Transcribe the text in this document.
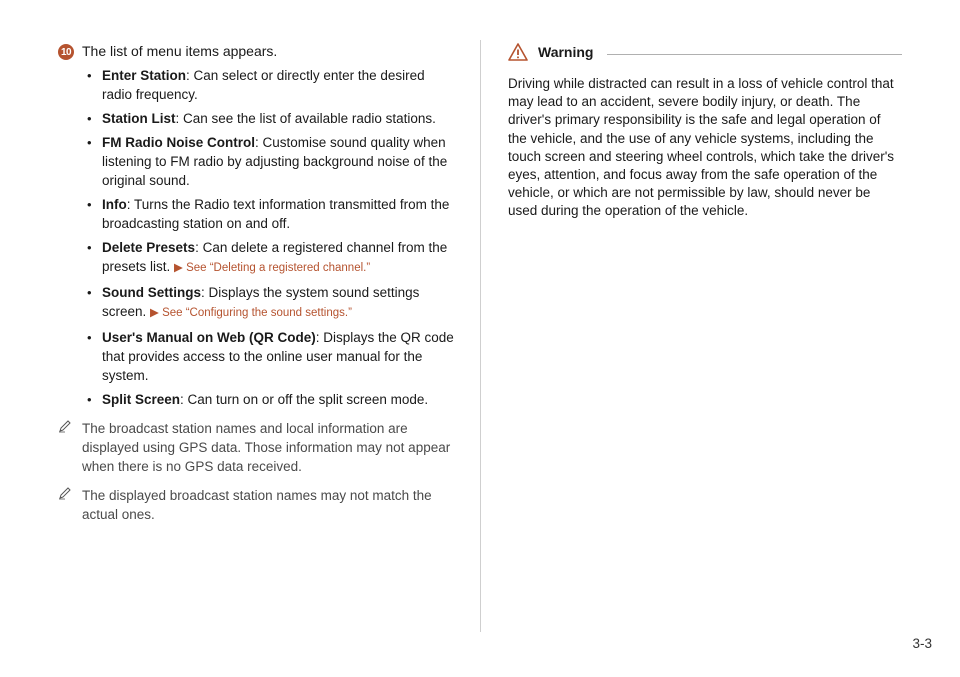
10 The list of menu items appears.
• Enter Station: Can select or directly enter the desired radio frequency.
• Station List: Can see the list of available radio stations.
• FM Radio Noise Control: Customise sound quality when listening to FM radio by adjusting background noise of the original sound.
• Info: Turns the Radio text information transmitted from the broadcasting station on and off.
• Delete Presets: Can delete a registered channel from the presets list. ▶ See “Deleting a registered channel.”
• Sound Settings: Displays the system sound settings screen. ▶ See “Configuring the sound settings.”
• User's Manual on Web (QR Code): Displays the QR code that provides access to the online user manual for the system.
• Split Screen: Can turn on or off the split screen mode.
The broadcast station names and local information are displayed using GPS data. Those information may not appear when there is no GPS data received.
The displayed broadcast station names may not match the actual ones.
Warning
Driving while distracted can result in a loss of vehicle control that may lead to an accident, severe bodily injury, or death. The driver's primary responsibility is the safe and legal operation of the vehicle, and the use of any vehicle systems, including the touch screen and steering wheel controls, which take the driver's eyes, attention, and focus away from the safe operation of the vehicle, or which are not permissible by law, should never be used during the operation of the vehicle.
3-3
